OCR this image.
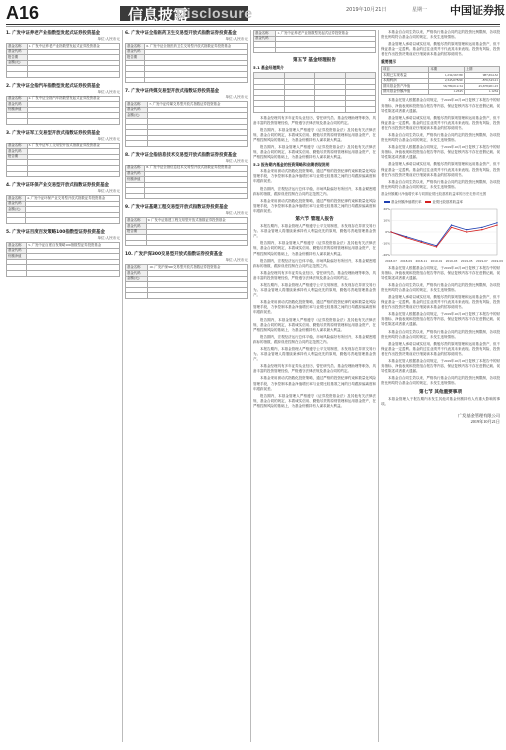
A16	信息披露
Disclosure	2019年10月21日	星期一 中国证券报
1. 广发中证养老产业指数型发起式证券投资基金
单位:人民币元
基金名称	1. 广发中证养老产业指数型发起式证券投资基金
基金代码	
报告期	
金额(元)	

2. 广发中证全指汽车指数型发起式证券投资基金
单位:人民币元
基金名称	2. 广发中证全指汽车指数型发起式证券投资基金
基金代码	
份额净值	

3. 广发中证军工交易型开放式指数证券投资基金
单位:人民币元
基金名称	3. 广发中证军工交易型开放式指数证券投资基金
基金代码	
报告期	

4. 广发中证环保产业交易型开放式指数证券投资基金
单位:人民币元
基金名称	4. 广发中证环保产业交易型开放式指数证券投资基金
基金代码	
金额(元)	

5. 广发中证百度百发策略100指数型证券投资基金
单位:人民币元
基金名称	5. 广发中证百度百发策略100指数型证券投资基金
基金代码	
份额净值	

6. 广发中证全指医药卫生交易型开放式指数证券投资基金
单位:人民币元
基金名称	6. 广发中证全指医药卫生交易型开放式指数证券投资基金
基金代码	
报告期	

7. 广发中证传媒交易型开放式指数证券投资基金
单位:人民币元
基金名称	7. 广发中证传媒交易型开放式指数证券投资基金
基金代码	
金额(元)	

8. 广发中证全指信息技术交易型开放式指数证券投资基金
单位:人民币元
基金名称	8. 广发中证全指信息技术交易型开放式指数证券投资基金
基金代码	
份额净值	

9. 广发中证基建工程交易型开放式指数证券投资基金
单位:人民币元
基金名称	9. 广发中证基建工程交易型开放式指数证券投资基金
基金代码	
报告期	

10. 广发沪深300交易型开放式指数证券投资基金
单位:人民币元
基金名称	10. 广发沪深300交易型开放式指数证券投资基金
基金代码	
金额(元)	

基金名称	1. 广发中证养老产业指数型发起式证券投资基金
基金代码	

第五节 基金经理报告
5.1 基金经理简介

本基金经理具有多年证券从业经历，曾任研究员、基金经理助理等职务，具备丰富的投资管理经验，严格遵守法律法规及基金合同的约定。

报告期内，本基金管理人严格遵守《证券投资基金法》及其他有关法律法规、基金合同的规定，本着诚实信用、勤勉尽责的原则管理和运用基金资产，在严格控制风险的基础上，为基金份额持有人谋求最大利益。

报告期内，本基金管理人严格遵守《证券投资基金法》及其他有关法律法规、基金合同的规定，本着诚实信用、勤勉尽责的原则管理和运用基金资产，在严格控制风险的基础上，为基金份额持有人谋求最大利益。

5.2 报告期内基金的投资策略和业绩表现说明

本基金采用被动式指数化投资策略，通过严格的投资纪律约束和数量化风险管理手段，力争控制本基金净值增长率与业绩比较基准之间的日均跟踪偏离度和年跟踪误差。

报告期内，宏观经济运行总体平稳，市场风险偏好有所回升，本基金紧密跟踪标的指数，跟踪误差控制在合同约定范围之内。

本基金采用被动式指数化投资策略，通过严格的投资纪律约束和数量化风险管理手段，力争控制本基金净值增长率与业绩比较基准之间的日均跟踪偏离度和年跟踪误差。

第六节 管理人报告

本报告期内，本基金管理人严格遵守公平交易制度，未发现存在异常交易行为。本基金管理人将继续秉承持有人利益优先的原则，勤勉尽责地管理基金资产。

报告期内，本基金管理人严格遵守《证券投资基金法》及其他有关法律法规、基金合同的规定，本着诚实信用、勤勉尽责的原则管理和运用基金资产，在严格控制风险的基础上，为基金份额持有人谋求最大利益。

报告期内，宏观经济运行总体平稳，市场风险偏好有所回升，本基金紧密跟踪标的指数，跟踪误差控制在合同约定范围之内。

本基金经理具有多年证券从业经历，曾任研究员、基金经理助理等职务，具备丰富的投资管理经验，严格遵守法律法规及基金合同的约定。

本报告期内，本基金管理人严格遵守公平交易制度，未发现存在异常交易行为。本基金管理人将继续秉承持有人利益优先的原则，勤勉尽责地管理基金资产。

本基金采用被动式指数化投资策略，通过严格的投资纪律约束和数量化风险管理手段，力争控制本基金净值增长率与业绩比较基准之间的日均跟踪偏离度和年跟踪误差。

报告期内，本基金管理人严格遵守《证券投资基金法》及其他有关法律法规、基金合同的规定，本着诚实信用、勤勉尽责的原则管理和运用基金资产，在严格控制风险的基础上，为基金份额持有人谋求最大利益。

报告期内，宏观经济运行总体平稳，市场风险偏好有所回升，本基金紧密跟踪标的指数，跟踪误差控制在合同约定范围之内。

本报告期内，本基金管理人严格遵守公平交易制度，未发现存在异常交易行为。本基金管理人将继续秉承持有人利益优先的原则，勤勉尽责地管理基金资产。

本基金经理具有多年证券从业经历，曾任研究员、基金经理助理等职务，具备丰富的投资管理经验，严格遵守法律法规及基金合同的约定。

本基金采用被动式指数化投资策略，通过严格的投资纪律约束和数量化风险管理手段，力争控制本基金净值增长率与业绩比较基准之间的日均跟踪偏离度和年跟踪误差。

报告期内，本基金管理人严格遵守《证券投资基金法》及其他有关法律法规、基金合同的规定，本着诚实信用、勤勉尽责的原则管理和运用基金资产，在严格控制风险的基础上，为基金份额持有人谋求最大利益。

本基金自合同生效以来，严格执行基金合同约定的投资比例限制，各项投资比例均符合基金合同的规定，未发生违规情形。

基金管理人承诺以诚实信用、勤勉尽责的原则管理和运用基金资产，但不保证基金一定盈利。基金的过往业绩并不代表其未来表现。投资有风险，投资者在作出投资决策前应仔细阅读本基金的招募说明书。

重要提示
项目	本期	上期
本期已实现收益	1,234,567.89	987,654.32
本期利润	2,345,678.90	-876,543.21
期末基金资产净值	56,789,012.34	45,678,901.23
期末基金份额净值	1.2345	1.1234

本基金托管人根据基金合同规定，于2019年10月18日复核了本报告中的财务指标、净值表现和投资组合报告等内容，保证复核内容不存在虚假记载、误导性陈述或者重大遗漏。

基金管理人承诺以诚实信用、勤勉尽责的原则管理和运用基金资产，但不保证基金一定盈利。基金的过往业绩并不代表其未来表现。投资有风险，投资者在作出投资决策前应仔细阅读本基金的招募说明书。

本基金自合同生效以来，严格执行基金合同约定的投资比例限制，各项投资比例均符合基金合同的规定，未发生违规情形。

本基金托管人根据基金合同规定，于2019年10月18日复核了本报告中的财务指标、净值表现和投资组合报告等内容，保证复核内容不存在虚假记载、误导性陈述或者重大遗漏。

基金管理人承诺以诚实信用、勤勉尽责的原则管理和运用基金资产，但不保证基金一定盈利。基金的过往业绩并不代表其未来表现。投资有风险，投资者在作出投资决策前应仔细阅读本基金的招募说明书。

本基金自合同生效以来，严格执行基金合同约定的投资比例限制，各项投资比例均符合基金合同的规定，未发生违规情形。

基金份额累计净值增长率与同期业绩比较基准收益率的历史走势对比图
基金份额净值增长率	业绩比较基准收益率
-20%
-10%
0%
10%
20%
2018-07 2018-09 2018-11 2019-01 2019-03 2019-05 2019-07 2019-09

本基金托管人根据基金合同规定，于2019年10月18日复核了本报告中的财务指标、净值表现和投资组合报告等内容，保证复核内容不存在虚假记载、误导性陈述或者重大遗漏。

本基金自合同生效以来，严格执行基金合同约定的投资比例限制，各项投资比例均符合基金合同的规定，未发生违规情形。

基金管理人承诺以诚实信用、勤勉尽责的原则管理和运用基金资产，但不保证基金一定盈利。基金的过往业绩并不代表其未来表现。投资有风险，投资者在作出投资决策前应仔细阅读本基金的招募说明书。

本基金托管人根据基金合同规定，于2019年10月18日复核了本报告中的财务指标、净值表现和投资组合报告等内容，保证复核内容不存在虚假记载、误导性陈述或者重大遗漏。

本基金自合同生效以来，严格执行基金合同约定的投资比例限制，各项投资比例均符合基金合同的规定，未发生违规情形。

基金管理人承诺以诚实信用、勤勉尽责的原则管理和运用基金资产，但不保证基金一定盈利。基金的过往业绩并不代表其未来表现。投资有风险，投资者在作出投资决策前应仔细阅读本基金的招募说明书。

本基金托管人根据基金合同规定，于2019年10月18日复核了本报告中的财务指标、净值表现和投资组合报告等内容，保证复核内容不存在虚假记载、误导性陈述或者重大遗漏。

本基金自合同生效以来，严格执行基金合同约定的投资比例限制，各项投资比例均符合基金合同的规定，未发生违规情形。

第七节 其他重要事项

本基金管理人于报告期内未发生其他对基金份额持有人有重大影响的事项。

广发基金管理有限公司
2019年10月21日
